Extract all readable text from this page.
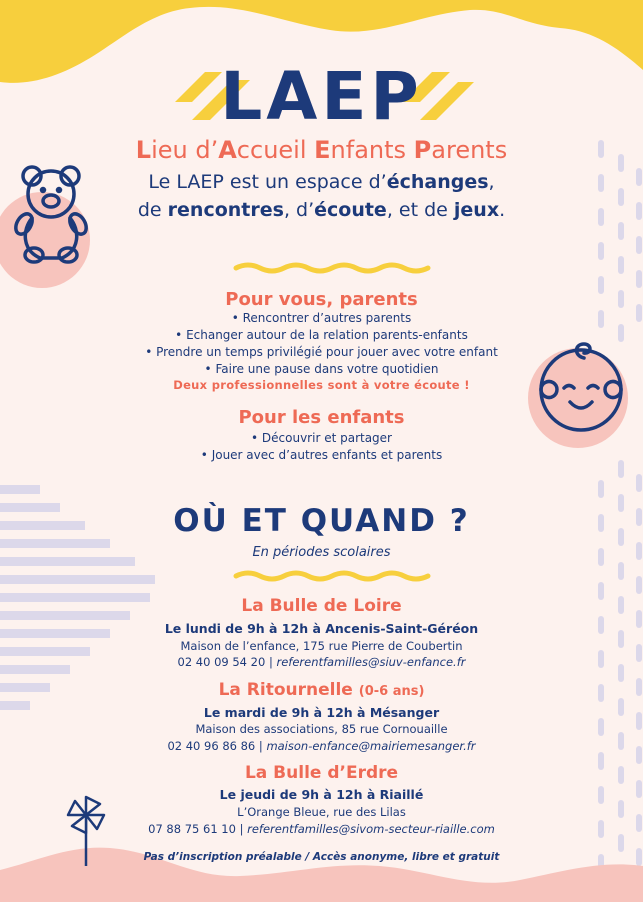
LAEP
Lieu d’Accueil Enfants Parents
Le LAEP est un espace d’échanges,
de rencontres, d’écoute, et de jeux.
Pour vous, parents
• Rencontrer d’autres parents
• Echanger autour de la relation parents-enfants
• Prendre un temps privilégié pour jouer avec votre enfant
• Faire une pause dans votre quotidien
Deux professionnelles sont à votre écoute !
Pour les enfants
• Découvrir et partager
• Jouer avec d’autres enfants et parents
OÙ ET QUAND ?
En périodes scolaires
La Bulle de Loire
Le lundi de 9h à 12h à Ancenis-Saint-Géréon
Maison de l’enfance, 175 rue Pierre de Coubertin
02 40 09 54 20 | referentfamilles@siuv-enfance.fr
La Ritournelle (0-6 ans)
Le mardi de 9h à 12h à Mésanger
Maison des associations, 85 rue Cornouaille
02 40 96 86 86 | maison-enfance@mairiemesanger.fr
La Bulle d’Erdre
Le jeudi de 9h à 12h à Riaillé
L’Orange Bleue, rue des Lilas
07 88 75 61 10 | referentfamilles@sivom-secteur-riaille.com
Pas d’inscription préalable / Accès anonyme, libre et gratuit
